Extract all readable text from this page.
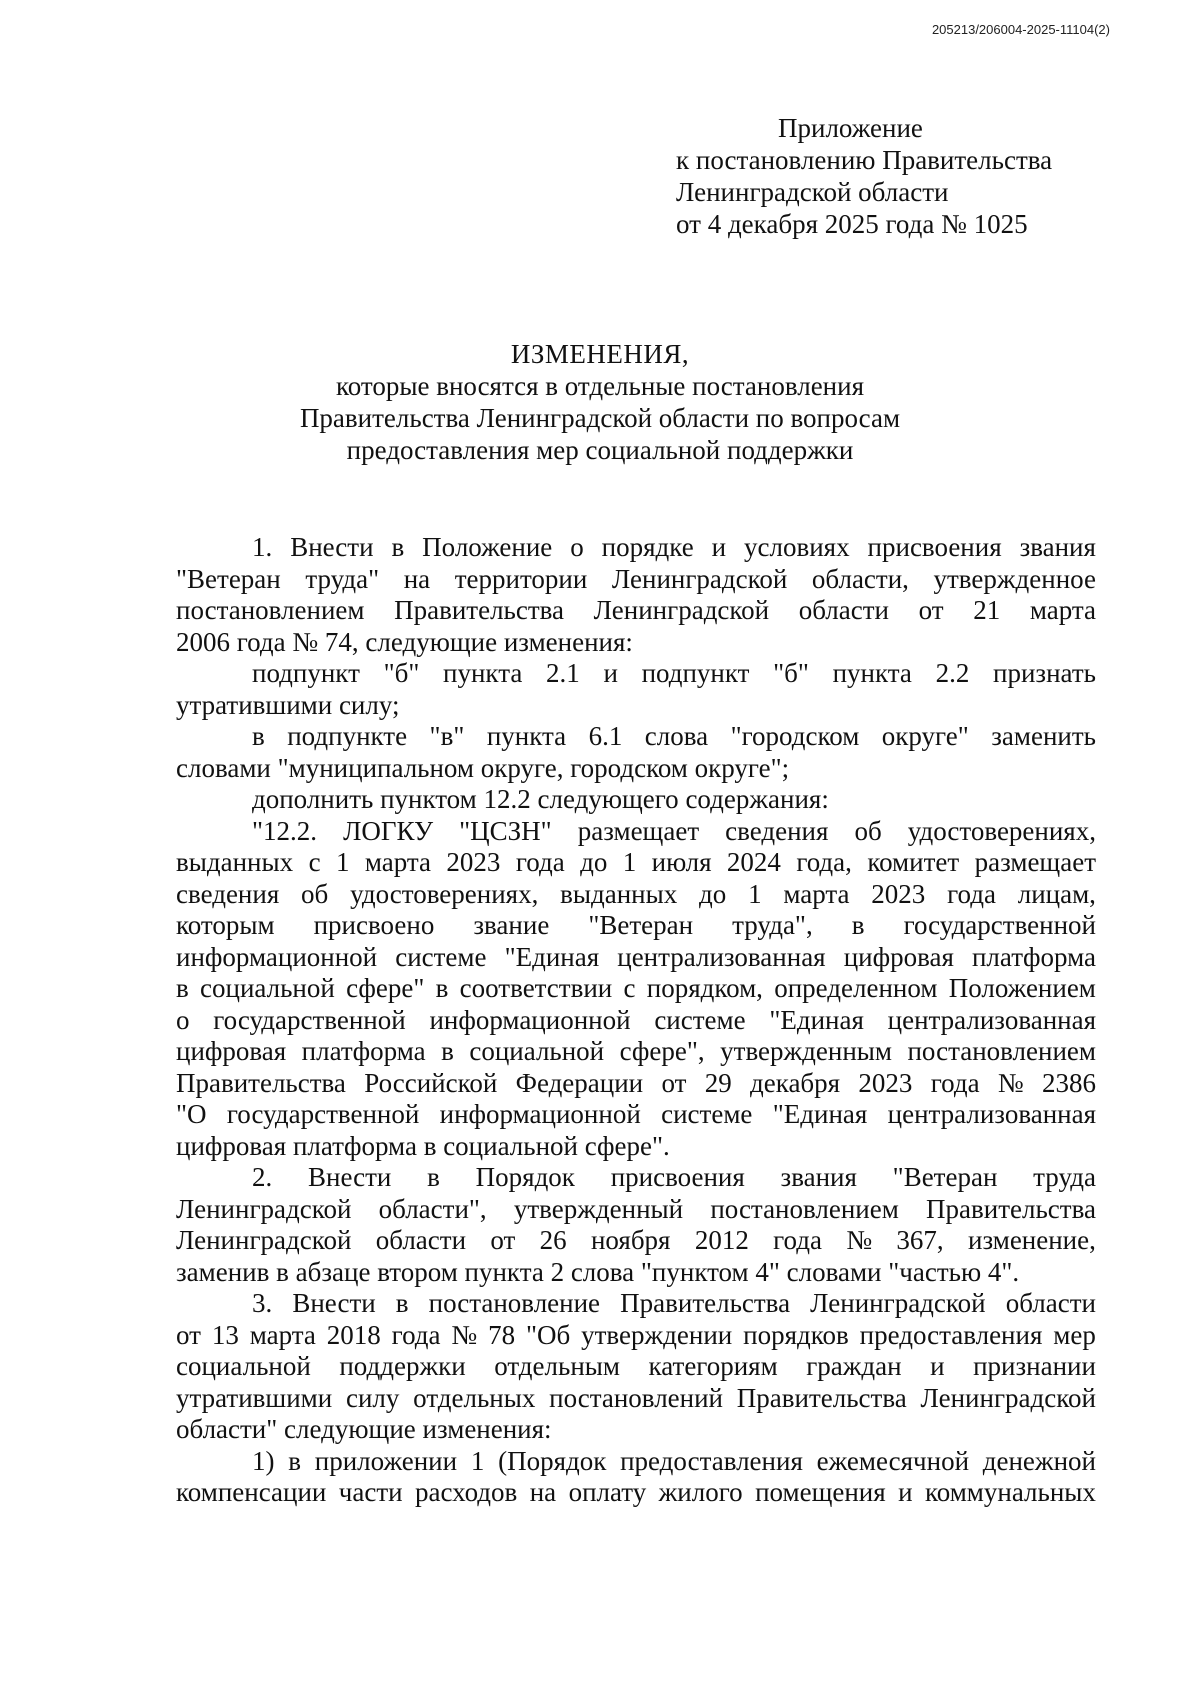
205213/206004-2025-11104(2)
Приложение
к постановлению Правительства
Ленинградской области
от 4 декабря 2025 года № 1025
ИЗМЕНЕНИЯ,
которые вносятся в отдельные постановления
Правительства Ленинградской области по вопросам
предоставления мер социальной поддержки
1. Внести в Положение о порядке и условиях присвоения звания
"Ветеран труда" на территории Ленинградской области, утвержденное
постановлением Правительства Ленинградской области от 21 марта
2006 года № 74, следующие изменения:
подпункт "б" пункта 2.1 и подпункт "б" пункта 2.2 признать
утратившими силу;
в подпункте "в" пункта 6.1 слова "городском округе" заменить
словами "муниципальном округе, городском округе";
дополнить пунктом 12.2 следующего содержания:
"12.2. ЛОГКУ "ЦСЗН" размещает сведения об удостоверениях,
выданных с 1 марта 2023 года до 1 июля 2024 года, комитет размещает
сведения об удостоверениях, выданных до 1 марта 2023 года лицам,
которым присвоено звание "Ветеран труда", в государственной
информационной системе "Единая централизованная цифровая платформа
в социальной сфере" в соответствии с порядком, определенном Положением
о государственной информационной системе "Единая централизованная
цифровая платформа в социальной сфере", утвержденным постановлением
Правительства Российской Федерации от 29 декабря 2023 года № 2386
"О государственной информационной системе "Единая централизованная
цифровая платформа в социальной сфере".
2. Внести в Порядок присвоения звания "Ветеран труда
Ленинградской области", утвержденный постановлением Правительства
Ленинградской области от 26 ноября 2012 года № 367, изменение,
заменив в абзаце втором пункта 2 слова "пунктом 4" словами "частью 4".
3. Внести в постановление Правительства Ленинградской области
от 13 марта 2018 года № 78 "Об утверждении порядков предоставления мер
социальной поддержки отдельным категориям граждан и признании
утратившими силу отдельных постановлений Правительства Ленинградской
области" следующие изменения:
1) в приложении 1 (Порядок предоставления ежемесячной денежной
компенсации части расходов на оплату жилого помещения и коммунальных
